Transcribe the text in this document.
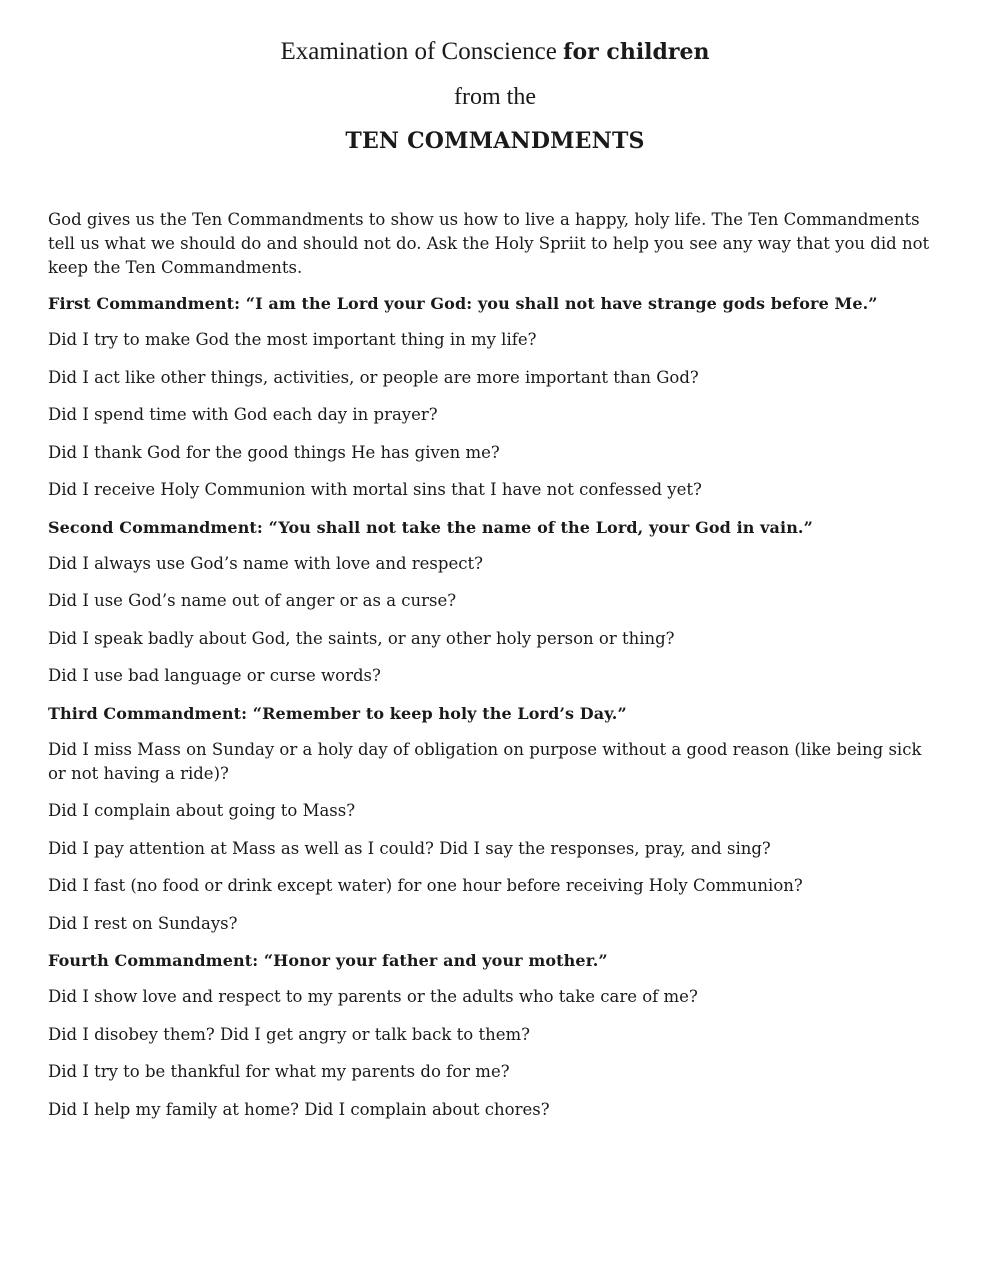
Examination of Conscience for children
from the
TEN COMMANDMENTS

God gives us the Ten Commandments to show us how to live a happy, holy life. The Ten Commandments tell us what we should do and should not do. Ask the Holy Spriit to help you see any way that you did not keep the Ten Commandments.

First Commandment: “I am the Lord your God: you shall not have strange gods before Me.”
Did I try to make God the most important thing in my life?
Did I act like other things, activities, or people are more important than God?
Did I spend time with God each day in prayer?
Did I thank God for the good things He has given me?
Did I receive Holy Communion with mortal sins that I have not confessed yet?
Second Commandment: “You shall not take the name of the Lord, your God in vain.”
Did I always use God’s name with love and respect?
Did I use God’s name out of anger or as a curse?
Did I speak badly about God, the saints, or any other holy person or thing?
Did I use bad language or curse words?
Third Commandment: “Remember to keep holy the Lord’s Day.”
Did I miss Mass on Sunday or a holy day of obligation on purpose without a good reason (like being sick or not having a ride)?
Did I complain about going to Mass?
Did I pay attention at Mass as well as I could? Did I say the responses, pray, and sing?
Did I fast (no food or drink except water) for one hour before receiving Holy Communion?
Did I rest on Sundays?
Fourth Commandment: “Honor your father and your mother.”
Did I show love and respect to my parents or the adults who take care of me?
Did I disobey them? Did I get angry or talk back to them?
Did I try to be thankful for what my parents do for me?
Did I help my family at home? Did I complain about chores?
